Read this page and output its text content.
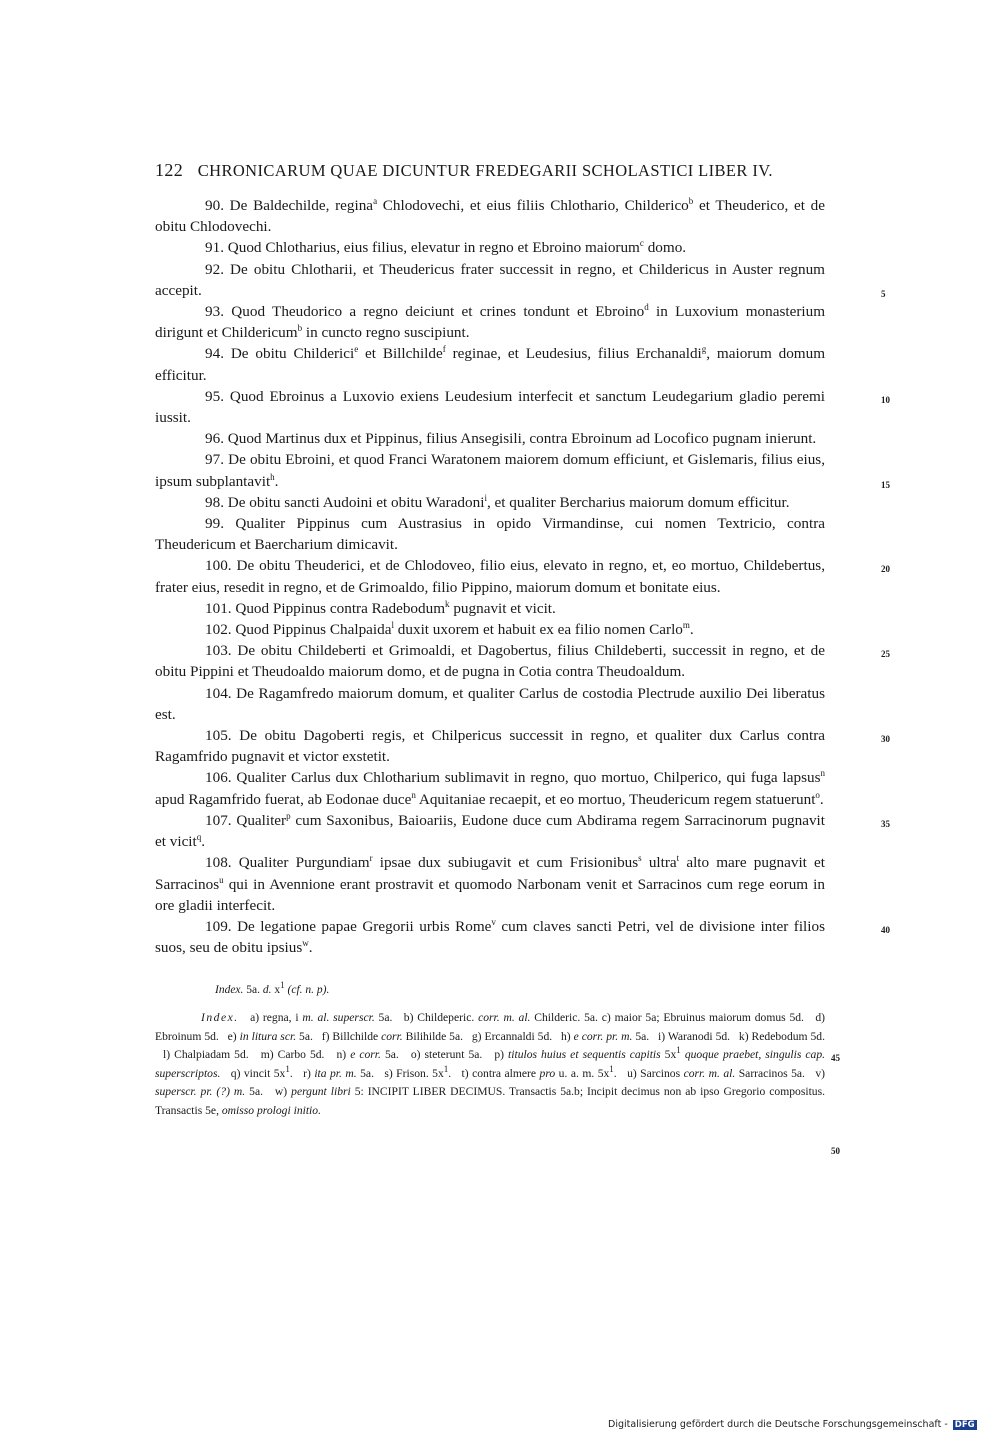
122 CHRONICARUM QUAE DICUNTUR FREDEGARII SCHOLASTICI LIBER IV.
90. De Baldechilde, regina$^a$ Chlodovechi, et eius filiis Chlothario, Childerico$^b$ et Theuderico, et de obitu Chlodovechi.
91. Quod Chlotharius, eius filius, elevatur in regno et Ebroino maiorum$^c$ domo.
92. De obitu Chlotharii, et Theudericus frater successit in regno, et Childericus in Auster regnum accepit.	5
93. Quod Theudorico a regno deiciunt et crines tondunt et Ebroino$^d$ in Luxovium monasterium dirigunt et Childericum$^b$ in cuncto regno suscipiunt.
94. De obitu Childerici$^e$ et Billchilde$^f$ reginae, et Leudesius, filius Erchanaldi$^g$, maiorum domum efficitur.
95. Quod Ebroinus a Luxovio exiens Leudesium interfecit et sanctum Leudegarium gladio peremi iussit.
10
96. Quod Martinus dux et Pippinus, filius Ansegisili, contra Ebroinum ad Locofico pugnam inierunt.
97. De obitu Ebroini, et quod Franci Waratonem maiorem domum efficiunt, et Gislemaris, filius eius, ipsum subplantavit$^h$.	15
98. De obitu sancti Audoini et obitu Waradoni$^i$, et qualiter Bercharius maiorum domum efficitur.
99. Qualiter Pippinus cum Austrasius in opido Virmandinse, cui nomen Textricio, contra Theudericum et Baercharium dimicavit.
100. De obitu Theuderici, et de Chlodoveo, filio eius, elevato in regno, et, eo mortuo, Childebertus, frater eius, resedit in regno, et de Grimoaldo, filio Pippino, maiorum domum et bonitate eius.
20
101. Quod Pippinus contra Radebodum$^k$ pugnavit et vicit.
102. Quod Pippinus Chalpaida$^l$ duxit uxorem et habuit ex ea filio nomen Carlo$^m$.
103. De obitu Childeberti et Grimoaldi, et Dagobertus, filius Childeberti, successit in regno, et de obitu Pippini et Theudoaldo maiorum domo, et de pugna in Cotia contra Theudoaldum.
25
104. De Ragamfredo maiorum domum, et qualiter Carlus de costodia Plectrude auxilio Dei liberatus est.
105. De obitu Dagoberti regis, et Chilpericus successit in regno, et qualiter dux Carlus contra Ragamfrido pugnavit et victor exstetit.
30
106. Qualiter Carlus dux Chlotharium sublimavit in regno, quo mortuo, Chilperico, qui fuga lapsus$^n$ apud Ragamfrido fuerat, ab Eodonae duce$^n$ Aquitaniae recaepit, et eo mortuo, Theudericum regem statuerunt$^o$.
107. Qualiter$^p$ cum Saxonibus, Baioariis, Eudone duce cum Abdirama regem Sarracinorum pugnavit et vicit$^q$.
35
108. Qualiter Purgundiam$^r$ ipsae dux subiugavit et cum Frisionibus$^s$ ultra$^t$ alto mare pugnavit et Sarracinos$^u$ qui in Avennione erant prostravit et quomodo Narbonam venit et Sarracinos cum rege eorum in ore gladii interfecit.
109. De legatione papae Gregorii urbis Rome$^v$ cum claves sancti Petri, vel de divisione inter filios suos, seu de obitu ipsius$^w$.
40
Index. 5a. d. $x^1$ (cf. n. p).
Index.   a) regna, i m. al. superscr. 5a.   b) Childeperic. corr. m. al. Childeric. 5a. c) maior 5a; Ebruinus maiorum domus 5d.   d) Ebroinum 5d.   e) in litura scr. 5a.   f) Billchilde corr. Bilihilde 5a.   g) Ercannaldi 5d.   h) e corr. pr. m. 5a.   i) Waranodi 5d.   k) Redebodum 5d.   l) Chalpiadam 5d.   m) Carbo 5d.   n) e corr. 5a.   o) steterunt 5a.   p) titulos huius et sequentis capitis $5x^1$ quoque praebet, singulis cap. superscriptos.   q) vincit $5x^1$.   r) ita pr. m. 5a.   s) Frison. $5x^1$.   t) contra almere pro u. a. m. $5x^1$.   u) Sarcinos corr. m. al. Sarracinos 5a.   v) superscr. pr. (?) m. 5a.   w) pergunt libri 5: INCIPIT LIBER DECIMUS. Transactis 5a.b; Incipit decimus non ab ipso Gregorio compositus. Transactis 5e, omisso prologi initio.
45
50
Digitalisierung gefördert durch die Deutsche Forschungsgemeinschaft - DFG
